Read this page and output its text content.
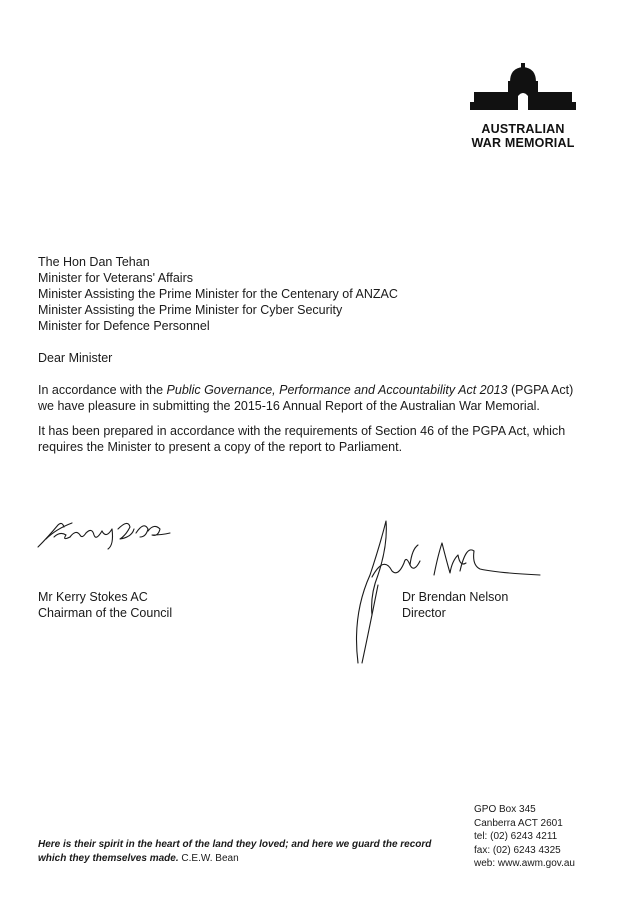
AUSTRALIAN
WAR MEMORIAL
The Hon Dan Tehan
Minister for Veterans' Affairs
Minister Assisting the Prime Minister for the Centenary of ANZAC
Minister Assisting the Prime Minister for Cyber Security
Minister for Defence Personnel
Dear Minister
In accordance with the Public Governance, Performance and Accountability Act 2013 (PGPA Act) we have pleasure in submitting the 2015-16 Annual Report of the Australian War Memorial.
It has been prepared in accordance with the requirements of Section 46 of the PGPA Act, which requires the Minister to present a copy of the report to Parliament.
Mr Kerry Stokes AC
Chairman of the Council
Dr Brendan Nelson
Director
Here is their spirit in the heart of the land they loved; and here we guard the record which they themselves made. C.E.W. Bean
GPO Box 345
Canberra ACT 2601
tel: (02) 6243 4211
fax: (02) 6243 4325
web: www.awm.gov.au
